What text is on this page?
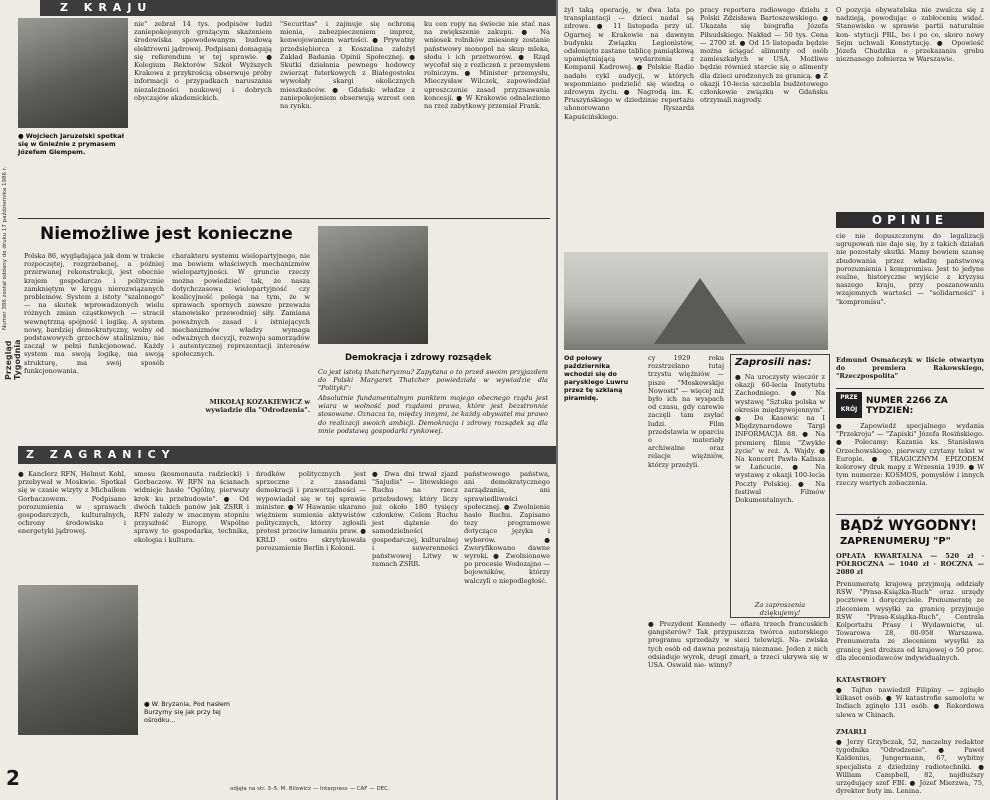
Z KRAJU
Numer 386 został oddany do druku 17 października 1986 r.
Przegląd Tygodnia
● Wojciech Jaruzelski spotkał się w Gnieźnie z prymasem Józefem Glempem.
nie" zebrał 14 tys. podpisów ludzi zaniepokojonych grożącym skażeniem środowiska spowodowanym budową elektrowni jądrowej. Podpisani domagają się referendum w tej sprawie. ● Kolegium Rektorów Szkół Wyższych Krakowa z przykrością obserwuje próby informacji o przypadkach naruszania niezależności naukowej i dobrych obyczajów akademickich.
"Securitas" i zajmuje się ochroną mienia, zabezpieczeniem imprez, konwojowaniem wartości. ● Prywatny przedsiębiorca z Koszalina założył Zakład Badania Opinii Społecznej. ● Skutki działania pewnego hodowcy zwierząt futerkowych z Białegostoku wywołały skargi okolicznych mieszkańców. ● Gdańsk: władze z zaniepokojeniem obserwują wzrost cen na rynku.
ku cen ropy na świecie nie stać nas na zwiększenie zakupu. ● Na wniosek rolników zniesiony zostanie państwowy monopol na skup mleka, słodu i ich przetworów. ● Rząd wycofał się z rozliczeń z przemysłem rolniczym. ● Minister przemysłu, Mieczysław Wilczek, zapowiedział uproszczenie zasad przyznawania koncesji. ● W Krakowie odnaleziono na rzeź zabytkowy przemiał Frank.
Niemożliwe jest konieczne
Polska 86, wyglądająca jak dom w trakcie rozpoczętej, rozgrzebanej, a później przerwanej rekonstrukcji, jest obecnie krajem gospodarczo i politycznie zamkniętym w kręgu nierozwiązanych problemów. System z istoty "szalonego" — na skutek wprowadzonych wielu różnych zmian cząstkowych — stracił wewnętrzną spójność i logikę. A system nowy, bardziej demokratyczny, wolny od podstawowych grzechów stalinizmu, nie zaczął w pełni funkcjonować. Każdy system ma swoją logikę, ma swoją strukturę, ma swój sposób funkcjonowania.
charakteru systemu wielopartyjnego, nie ma bowiem właściwych mechanizmów wielopartyjności. W gruncie rzeczy można powiedzieć tak, że nasza dotychczasowa wielopartyjność czy koalicyjność polega na tym, że w sprawach spornych zawsze przeważa stanowisko przewodniej siły. Zamiana poważnych zasad i istniejących mechanizmów władzy wymaga odważnych decyzji, rozwoju samorządów i autentycznej reprezentacji interesów społecznych.
MIKOŁAJ KOZAKIEWICZ w wywiadzie dla "Odrodzenia".
Demokracja i zdrowy rozsądek
Co jest istotą thatcheryzmu? Zapytana o to przed swoim przyjazdem do Polski Margaret Thatcher powiedziała w wywiadzie dla "Polityki":
Absolutnie fundamentalnym punktem mojego obecnego rządu jest wiara w wolność pod rządami prawa, które jest bezstronnie stosowane. Oznacza to, między innymi, że każdy obywatel ma prawo do realizacji swoich ambicji. Demokracja i zdrowy rozsądek są dla mnie podstawą gospodarki rynkowej.
Z ZAGRANICY
● Kanclerz RFN, Helmut Kohl, przebywał w Moskwie. Spotkał się w czasie wizyty z Michaiłem Gorbaczowem. Podpisano porozumienia w sprawach gospodarczych, kulturalnych, ochrony środowiska i energetyki jądrowej.
● W. Bryzania, Pod hasłem Burzymy się jak przy tej ośrodku...
smosu (kosmonauta radziecki) i Gorbaczow. W RFN na ścianach widnieje hasło "Ogólny, pierwszy krok ku przebudowie". ● Od dwóch takich panów jak ZSRR i RFN zależy w znacznym stopniu przyszłość Europy. Wspólne sprawy to gospodarka, technika, ekologia i kultura.
ńrodków politycznych jest sprzeczne z zasadami demokracji i praworządności — wypowiadał się w tej sprawie minister. ● W Hawanie ukarano więźniem sumienia aktywistów politycznych, którzy zgłosili protest przeciw łamaniu praw. ● KRLD ostro skrytykowała porozumienie Berlin i Kolonii.
● Dwa dni trwał zjazd "Sajudis" — litewskiego Ruchu na rzecz przebudowy, który liczy już około 180 tysięcy członków. Celem Ruchu jest dążenie do samodzielności gospodarczej, kulturalnej i suwerenności państwowej Litwy w ramach ZSRR.
państwowego państwa, ani demokratycznego zarządzania, ani sprawiedliwości społecznej. ● Zwolnienie hasło Ruchu. Zapisano tezy programowe dotyczące języka i wyborów. ● Zweryfikowano dawne wyroki. ● Zwolnionowe po procesie Wodozajno — bojowników, którzy walczyli o niepodległość.
2	odjęła na str. 3–5: M. Bilowicz — Interpress — CAF — DEC.
żył taką operację, w dwa lata po transplantacji — dzieci nadal są zdrowe. ● 11 listopada przy ul. Ogarnej w Krakowie na dawnym budynku Związku Legionistów, odsłonięto zastane tablicę pamiątkową upamiętniającą wydarzenia z Kompanii Kadrowej. ● Polskie Radio nadało cykl audycji, w których wspomniano podzielić się wiedzą o zdrowym życiu. ● Nagrodą im. K. Pruszyńskiego w dziedzinie reportażu uhonorowano Ryszarda Kapuścińskiego.
pracy reportera radiowego dziełu z Polski Zdzisława Bartoszewskiego. ● Ukazała się biografia Józefa Piłsudskiego. Nakład — 50 tys. Cena — 2700 zł. ● Od 15 listopada będzie można ściągać alimenty od osób zamieszkałych w USA. Możliwe będzie również starcie się o alimenty dla dzieci urodzonych za granicą. ● Z okazji 10-lecia szczebla budżetowego członkowie związku w Gdańsku otrzymali nagrody.
O pozycja obywatelska nie zwalcza się z nadzieją, powodując o zabłoceniu widać. Stanowisko w sprawie partii naturalnie kon- stytucji PRL, bo i po co, skoro nowy Sejm uchwali Konstytucję. ● Opowieść Józefa Chudzika o przekazaniu grobu nieznanego żołnierza w Warszawie.
OPINIE
cie nie dopuszczonym do legalizacji ugrupowań nie daje się, by z takich działań nie pozostały skutki. Mamy bowiem szansę zbudowania przez władzę państwową porozumienia i kompromisu. Jest to jedyne realne, historyczne wyjście z kryzysu naszego kraju, przy poszanowaniu wzajemnych wartości — "solidarności" i "kompromisu".
Edmund Osmańczyk w liście otwartym do premiera Rakowskiego, "Rzeczpospolita"
Od połowy października wchodzi się do paryskiego Luwru przez tę szklaną piramidę.
cy 1929 roku rozstrzelano tutaj trzystu więźniów — pisze "Moskowskije Nowosti" — więcej niż było ich na wyspach od czasu, gdy carewie zaczęli tam zsyłać ludzi. Film przedstawia w oparciu o materiały archiwalne oraz relacje więźniów, którzy przeżyli.
Zaprosili nas:
● Na uroczysty wieczór z okazji 60-lecia Instytutu Zachodniego. ● Na wystawę "Sztuka polska w okresie międzywojennym". ● Do Kasowic na I Międzynarodowe Targi INFORMACJA 88. ● Na premierę filmu "Zwykłe życie" w reż. A. Wajdy. ● Na koncert Pawła Kalisza w Łańcucie. ● Na wystawę z okazji 100-lecia Poczty Polskiej. ● Na festiwal Filmów Dokumentalnych.
Za zaproszenia dziękujemy!
● Prezydent Kennedy — ofiara trzech francuskich gangsterów? Tak przypuszcza twórca autorskiego programu sprzedaży w sieci telewizji. Na- zwiska tych osób od dawna pozostają nieznane. Jeden z nich odsiaduje wyrok, drugi zmarł, a trzeci ukrywa się w USA. Oswald nie- winny?
PRZE KRÓJ
NUMER 2266 ZA TYDZIEŃ:
● Zapowiedź specjalnego wydania "Przekroju" — "Zapiski" Józefa Rosińskiego. ● Polecamy: Kazania ks. Stanisława Orzechowskiego, pierwszy czytany tekst w Europie. ● TRAGICZNYM EPIZODEM kolorowy druk mapy z Wrzesnia 1939. ● W tym numerze: KOSMOS, pomysłów i innych rzeczy wartych zobaczenia.
BĄDŹ WYGODNY!
ZAPRENUMERUJ "P"
OPŁATA KWARTALNA — 520 zł · PÓŁROCZNA — 1040 zł · ROCZNA — 2080 zł
Prenumeratę krajową przyjmują oddziały RSW "Prasa-Książka-Ruch" oraz urzędy pocztowe i doręczyciele. Prenumeratę ze zleceniem wysyłki za granicę przyjmuje RSW "Prasa-Książka-Ruch", Centrala Kolportażu Prasy i Wydawnictw, ul. Towarowa 28, 00-958 Warszawa. Prenumerata ze zleceniem wysyłki za granicę jest droższa od krajowej o 50 proc. dla zleceniodawców indywidualnych.
KATASTROFY
● Tajfun nawiedził Filipiny — zginęło kilkaset osób. ● W katastrofie samolotu w Indiach zginęło 131 osób. ● Rekordowa ulewa w Chinach.
ZMARLI
● Jerzy Grzybczak, 52, naczelny redaktor tygodnika "Odrodzenie". ● Paweł Kaldenius, Jungermann, 67, wybitny specjalista z dziedziny radiotechniki. ● William Campbell, 82, najdłuższy urzędujący szef FBI. ● Józef Mierzwa, 75, dyrektor huty im. Lenina.
